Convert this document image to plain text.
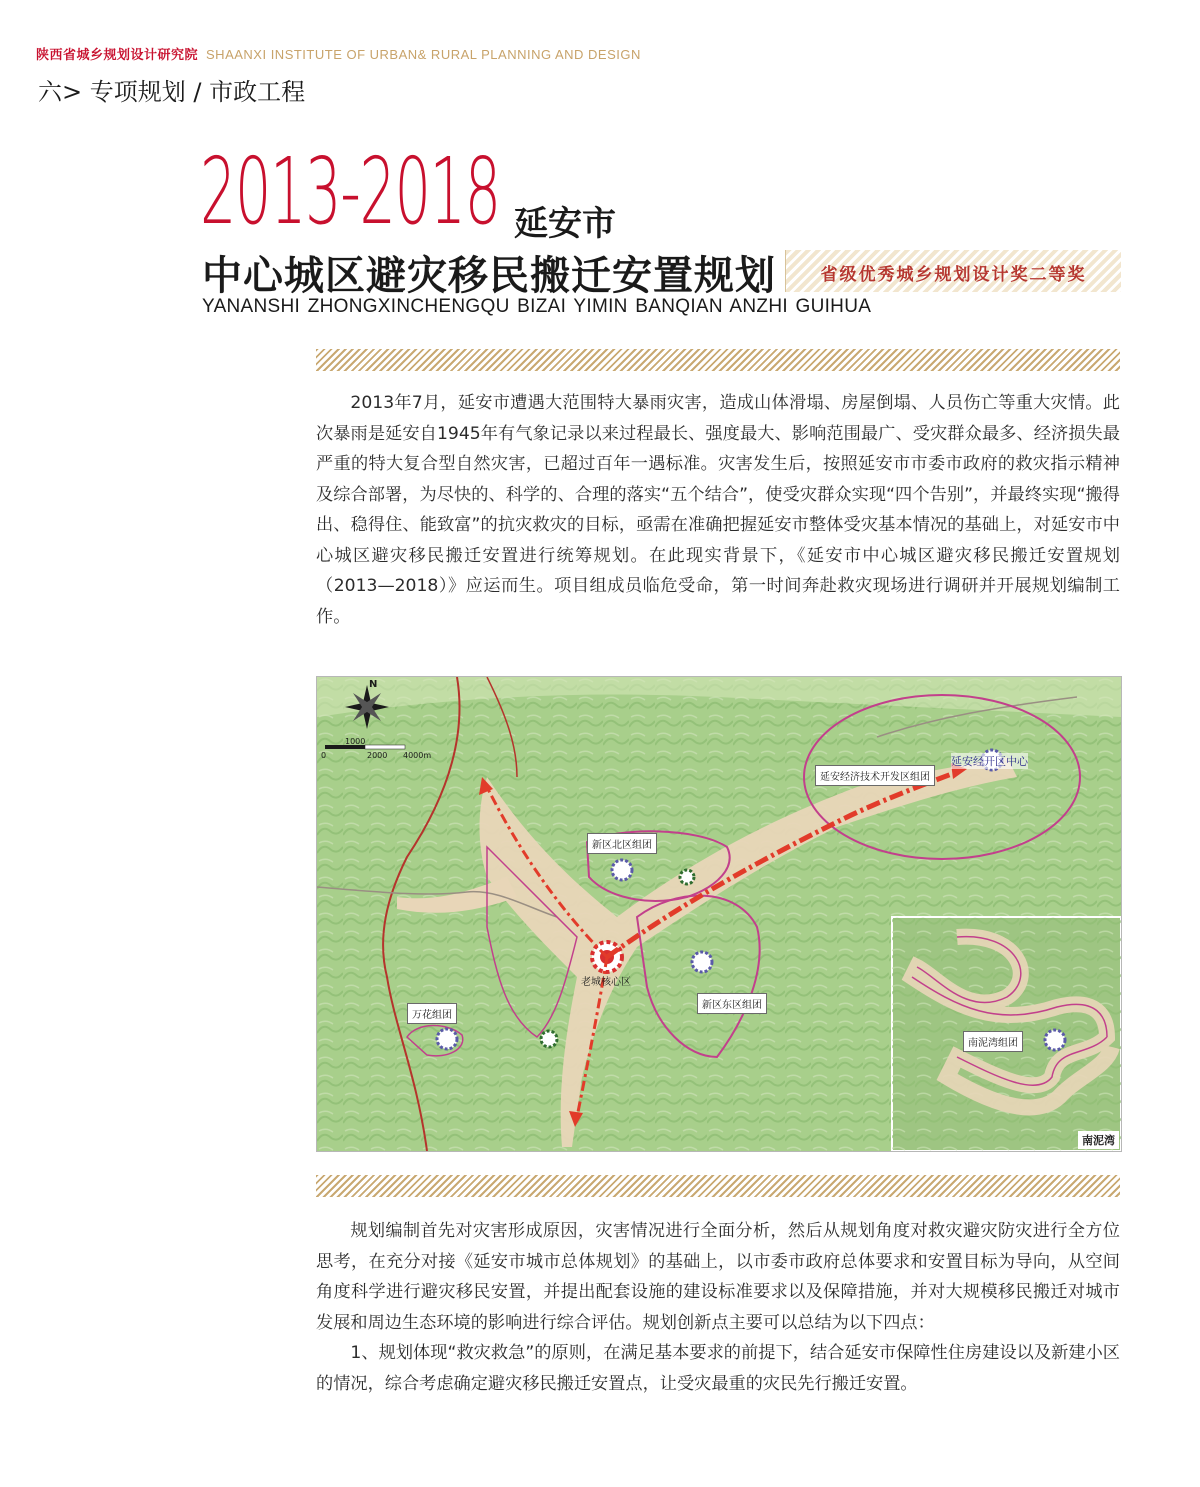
陕西省城乡规划设计研究院 SHAANXI INSTITUTE OF URBAN& RURAL PLANNING AND DESIGN
六> 专项规划 / 市政工程
2013-2018 延安市
中心城区避灾移民搬迁安置规划	省级优秀城乡规划设计奖二等奖
YANANSHI ZHONGXINCHENGQU BIZAI YIMIN BANQIAN ANZHI GUIHUA

2013年7月，延安市遭遇大范围特大暴雨灾害，造成山体滑塌、房屋倒塌、人员伤亡等重大灾情。此次暴雨是延安自1945年有气象记录以来过程最长、强度最大、影响范围最广、受灾群众最多、经济损失最严重的特大复合型自然灾害，已超过百年一遇标准。灾害发生后，按照延安市市委市政府的救灾指示精神及综合部署，为尽快的、科学的、合理的落实“五个结合”，使受灾群众实现“四个告别”，并最终实现“搬得出、稳得住、能致富”的抗灾救灾的目标，亟需在准确把握延安市整体受灾基本情况的基础上，对延安市中心城区避灾移民搬迁安置进行统筹规划。在此现实背景下，《延安市中心城区避灾移民搬迁安置规划（2013—2018）》应运而生。项目组成员临危受命，第一时间奔赴救灾现场进行调研并开展规划编制工作。

N
0
1000
2000 4000m
延安经济技术开发区组团
延安经开区中心
新区北区组团
老城核心区
新区东区组团
万花组团
南泥湾组团
南泥湾

规划编制首先对灾害形成原因，灾害情况进行全面分析，然后从规划角度对救灾避灾防灾进行全方位思考，在充分对接《延安市城市总体规划》的基础上，以市委市政府总体要求和安置目标为导向，从空间角度科学进行避灾移民安置，并提出配套设施的建设标准要求以及保障措施，并对大规模移民搬迁对城市发展和周边生态环境的影响进行综合评估。规划创新点主要可以总结为以下四点：

1、规划体现“救灾救急”的原则，在满足基本要求的前提下，结合延安市保障性住房建设以及新建小区的情况，综合考虑确定避灾移民搬迁安置点，让受灾最重的灾民先行搬迁安置。
